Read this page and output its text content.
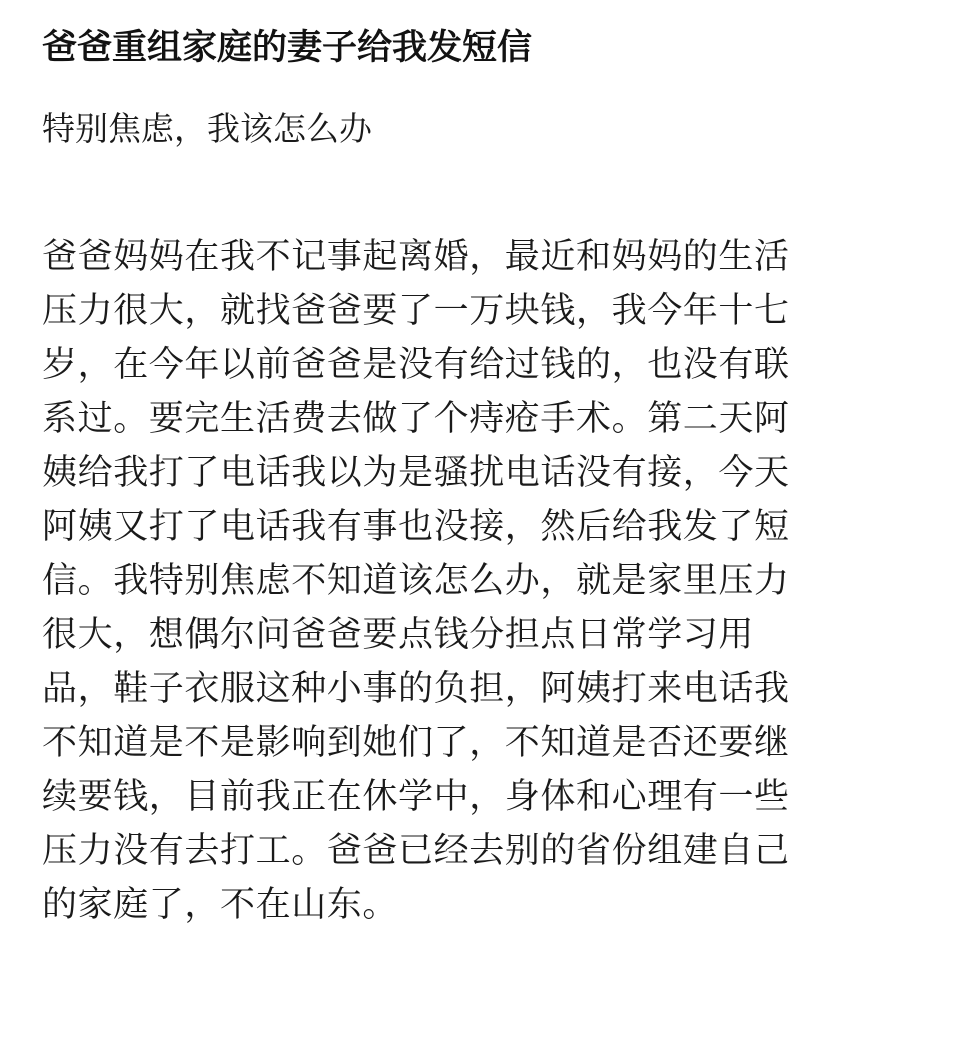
爸爸重组家庭的妻子给我发短信

特别焦虑，我该怎么办

爸爸妈妈在我不记事起离婚，最近和妈妈的生活
压力很大，就找爸爸要了一万块钱，我今年十七
岁，在今年以前爸爸是没有给过钱的，也没有联
系过。要完生活费去做了个痔疮手术。第二天阿
姨给我打了电话我以为是骚扰电话没有接，今天
阿姨又打了电话我有事也没接，然后给我发了短
信。我特别焦虑不知道该怎么办，就是家里压力
很大，想偶尔问爸爸要点钱分担点日常学习用
品，鞋子衣服这种小事的负担，阿姨打来电话我
不知道是不是影响到她们了，不知道是否还要继
续要钱，目前我正在休学中，身体和心理有一些
压力没有去打工。爸爸已经去别的省份组建自己
的家庭了，不在山东。
